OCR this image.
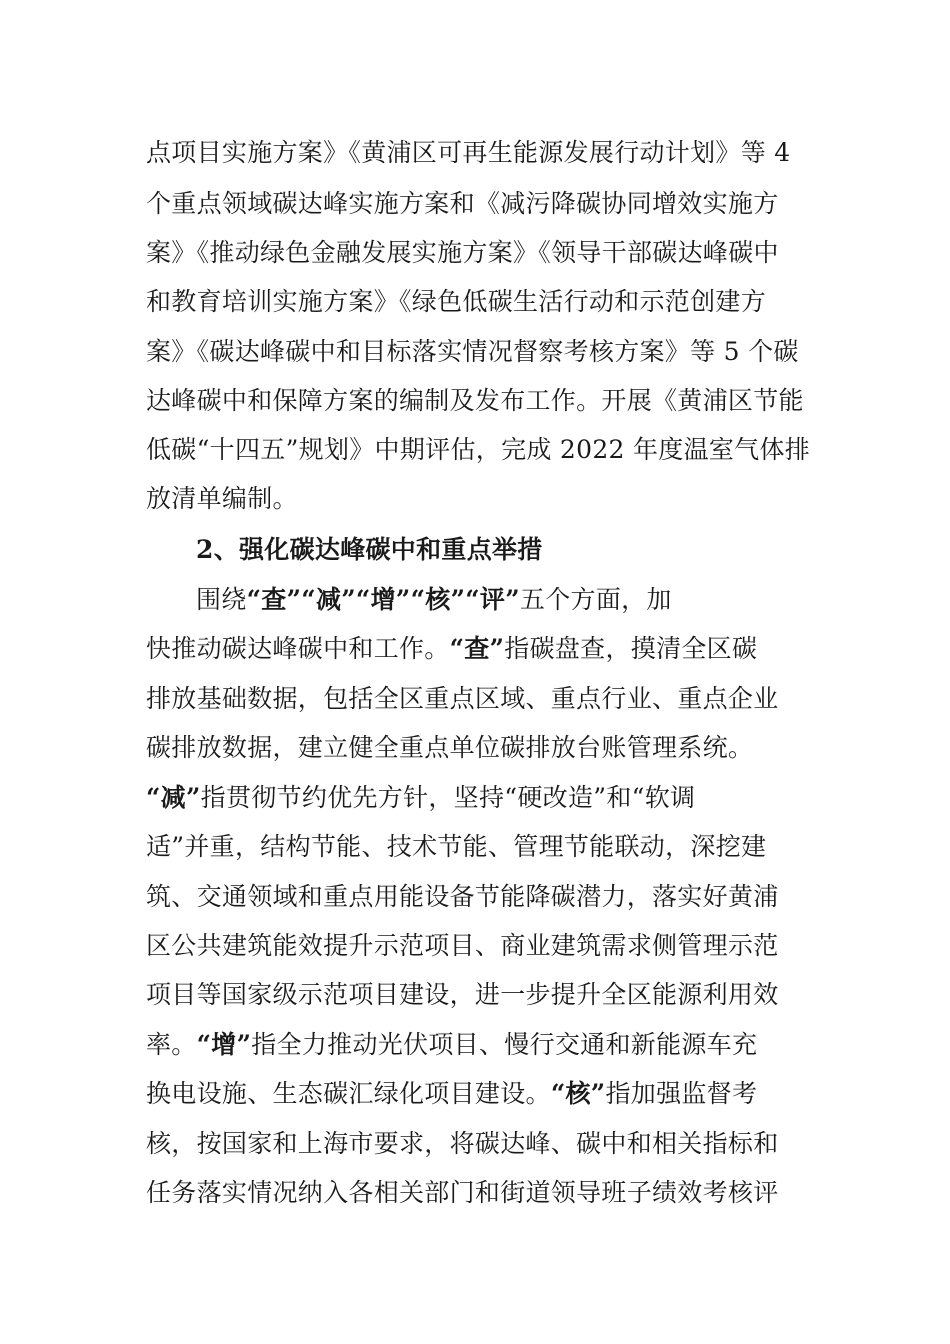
点项目实施方案》《黄浦区可再生能源发展行动计划》等 4
个重点领域碳达峰实施方案和《减污降碳协同增效实施方
案》《推动绿色金融发展实施方案》《领导干部碳达峰碳中
和教育培训实施方案》《绿色低碳生活行动和示范创建方
案》《碳达峰碳中和目标落实情况督察考核方案》等 5 个碳
达峰碳中和保障方案的编制及发布工作。开展《黄浦区节能
低碳“十四五”规划》中期评估，完成 2022 年度温室气体排
放清单编制。
2、强化碳达峰碳中和重点举措
围绕“查”“减”“增”“核”“评”五个方面，加
快推动碳达峰碳中和工作。“查”指碳盘查，摸清全区碳
排放基础数据，包括全区重点区域、重点行业、重点企业
碳排放数据，建立健全重点单位碳排放台账管理系统。
“减”指贯彻节约优先方针，坚持“硬改造”和“软调
适”并重，结构节能、技术节能、管理节能联动，深挖建
筑、交通领域和重点用能设备节能降碳潜力，落实好黄浦
区公共建筑能效提升示范项目、商业建筑需求侧管理示范
项目等国家级示范项目建设，进一步提升全区能源利用效
率。“增”指全力推动光伏项目、慢行交通和新能源车充
换电设施、生态碳汇绿化项目建设。“核”指加强监督考
核，按国家和上海市要求，将碳达峰、碳中和相关指标和
任务落实情况纳入各相关部门和街道领导班子绩效考核评
